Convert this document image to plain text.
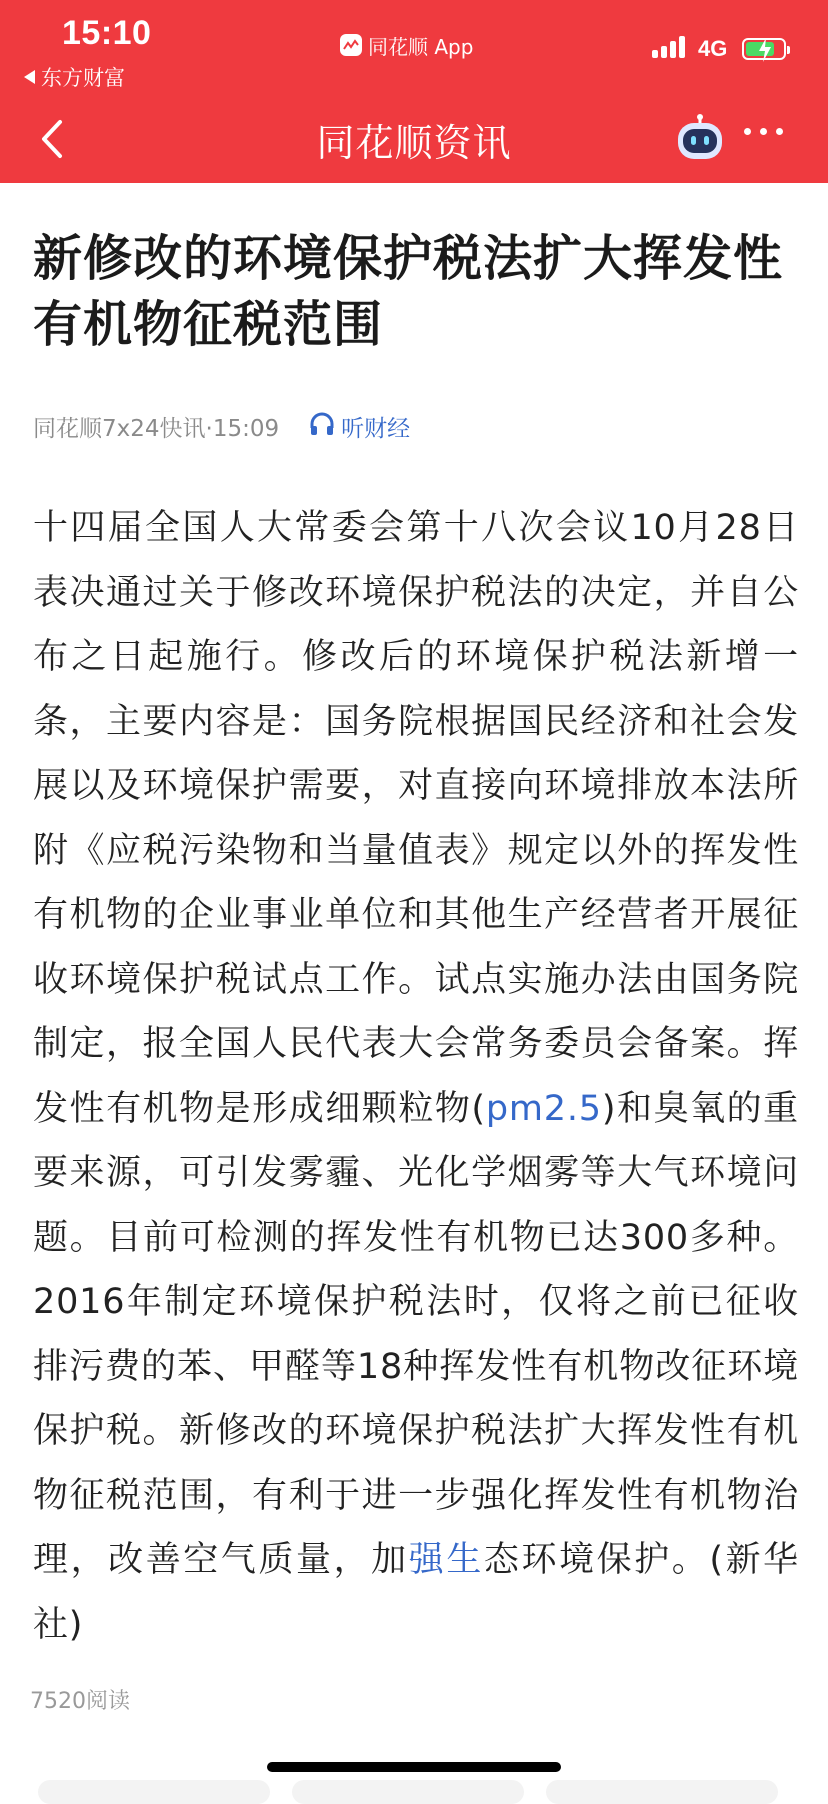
15:10
东方财富
同花顺 App	4G
同花顺资讯
新修改的环境保护税法扩大挥发性有机物征税范围
同花顺7x24快讯·15:09	听财经
十四届全国人大常委会第十八次会议10月28日表决通过关于修改环境保护税法的决定，并自公布之日起施行。修改后的环境保护税法新增一条，主要内容是：国务院根据国民经济和社会发展以及环境保护需要，对直接向环境排放本法所附《应税污染物和当量值表》规定以外的挥发性有机物的企业事业单位和其他生产经营者开展征收环境保护税试点工作。试点实施办法由国务院制定，报全国人民代表大会常务委员会备案。挥发性有机物是形成细颗粒物(pm2.5)和臭氧的重要来源，可引发雾霾、光化学烟雾等大气环境问题。目前可检测的挥发性有机物已达300多种。2016年制定环境保护税法时，仅将之前已征收排污费的苯、甲醛等18种挥发性有机物改征环境保护税。新修改的环境保护税法扩大挥发性有机物征税范围，有利于进一步强化挥发性有机物治理，改善空气质量，加强生态环境保护。(新华社)
7520阅读
